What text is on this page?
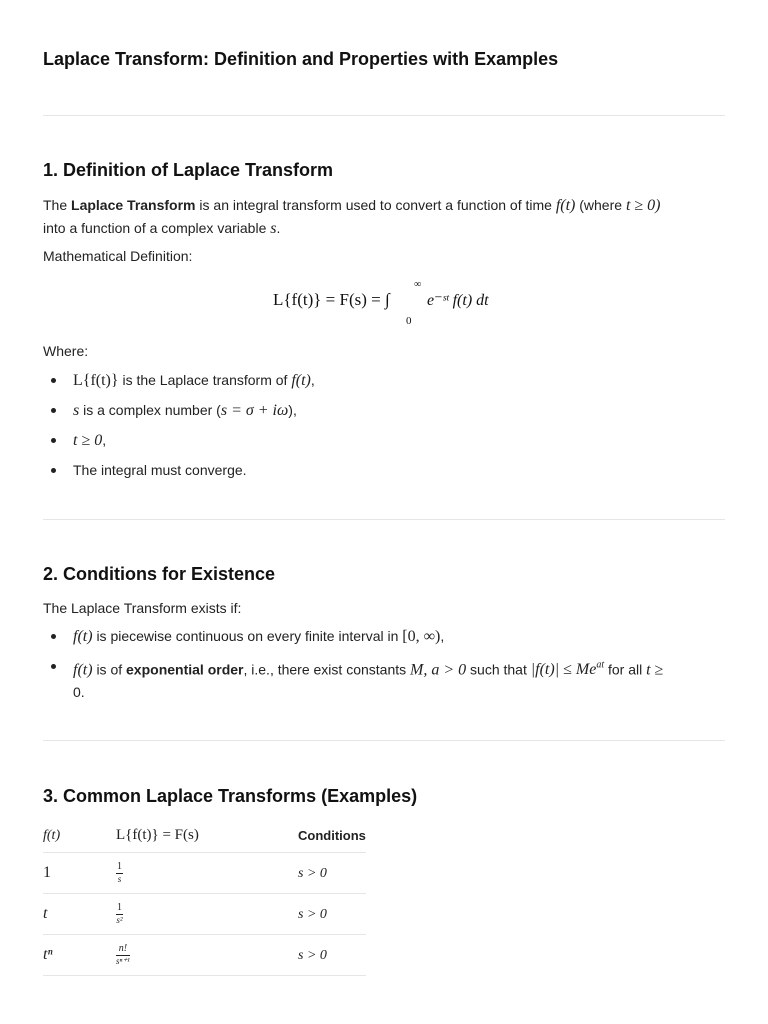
Laplace Transform: Definition and Properties with Examples
1. Definition of Laplace Transform
The Laplace Transform is an integral transform used to convert a function of time f(t) (where t ≥ 0)
into a function of a complex variable s.
Mathematical Definition:
L{f(t)} = F(s) = ∫
∞
0
e⁻ˢᵗ f(t) dt
Where:
L{f(t)} is the Laplace transform of f(t),
s is a complex number (s = σ + iω),
t ≥ 0,
The integral must converge.
2. Conditions for Existence
The Laplace Transform exists if:
f(t) is piecewise continuous on every finite interval in [0, ∞),
f(t) is of exponential order, i.e., there exist constants M, a > 0 such that $|f(t)| \le Me^{at}$ for all t ≥
0.
3. Common Laplace Transforms (Examples)
f(t)	L{f(t)} = F(s)	Conditions
1	$\frac{1}{s}$	s > 0
t	$\frac{1}{\text{s²}}$	s > 0
tⁿ	$\frac{n!}{\text{sⁿ⁺¹}}$	s > 0
